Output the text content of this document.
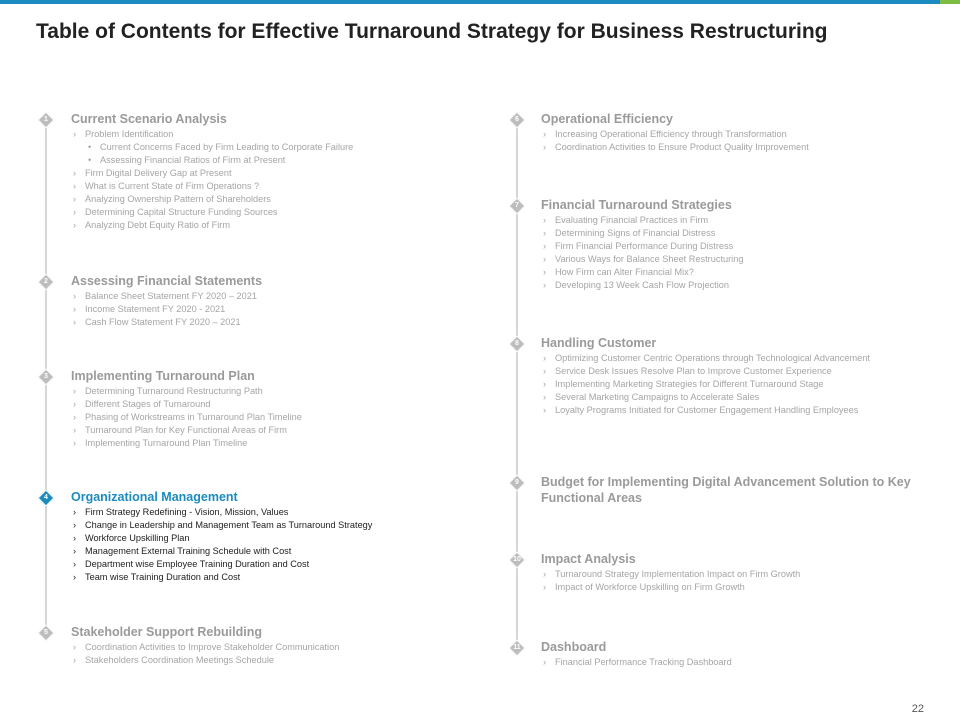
Table of Contents for Effective Turnaround Strategy for Business Restructuring
1	Current Scenario Analysis
› Problem Identification
• Current Concerns Faced by Firm Leading to Corporate Failure
• Assessing Financial Ratios of Firm at Present
› Firm Digital Delivery Gap at Present
› What is Current State of Firm Operations ?
› Analyzing Ownership Pattern of Shareholders
› Determining Capital Structure Funding Sources
› Analyzing Debt Equity Ratio of Firm
2	Assessing Financial Statements
› Balance Sheet Statement FY 2020 – 2021
› Income Statement FY 2020 - 2021
› Cash Flow Statement FY 2020 – 2021
3	Implementing Turnaround Plan
› Determining Turnaround Restructuring Path
› Different Stages of Turnaround
› Phasing of Workstreams in Turnaround Plan Timeline
› Turnaround Plan for Key Functional Areas of Firm
› Implementing Turnaround Plan Timeline
4	Organizational Management
› Firm Strategy Redefining - Vision, Mission, Values
› Change in Leadership and Management Team as Turnaround Strategy
› Workforce Upskilling Plan
› Management External Training Schedule with Cost
› Department wise Employee Training Duration and Cost
› Team wise Training Duration and Cost
5	Stakeholder Support Rebuilding
› Coordination Activities to Improve Stakeholder Communication
› Stakeholders Coordination Meetings Schedule
6	Operational Efficiency
› Increasing Operational Efficiency through Transformation
› Coordination Activities to Ensure Product Quality Improvement
7	Financial Turnaround Strategies
› Evaluating Financial Practices in Firm
› Determining Signs of Financial Distress
› Firm Financial Performance During Distress
› Various Ways for Balance Sheet Restructuring
› How Firm can Alter Financial Mix?
› Developing 13 Week Cash Flow Projection
8	Handling Customer
› Optimizing Customer Centric Operations through Technological Advancement
› Service Desk Issues Resolve Plan to Improve Customer Experience
› Implementing Marketing Strategies for Different Turnaround Stage
› Several Marketing Campaigns to Accelerate Sales
› Loyalty Programs Initiated for Customer Engagement Handling Employees
9	Budget for Implementing Digital Advancement Solution to Key Functional Areas
10 Impact Analysis
› Turnaround Strategy Implementation Impact on Firm Growth
› Impact of Workforce Upskilling on Firm Growth
11 Dashboard
› Financial Performance Tracking Dashboard
22
